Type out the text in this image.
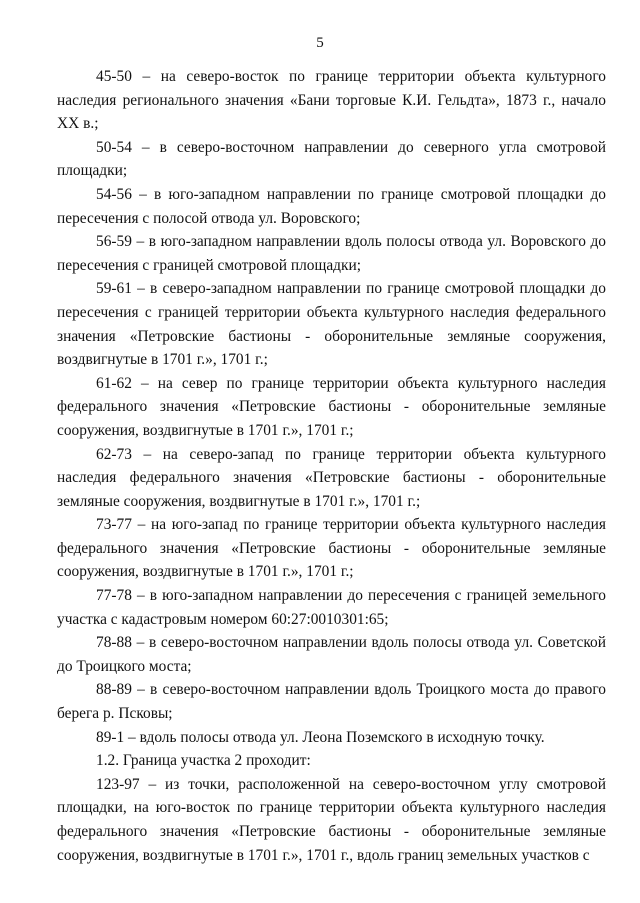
5

45-50 – на северо-восток по границе территории объекта культурного наследия регионального значения «Бани торговые К.И. Гельдта», 1873 г., начало XX в.;

50-54 – в северо-восточном направлении до северного угла смотровой площадки;

54-56 – в юго-западном направлении по границе смотровой площадки до пересечения с полосой отвода ул. Воровского;

56-59 – в юго-западном направлении вдоль полосы отвода ул. Воровского до пересечения с границей смотровой площадки;

59-61 – в северо-западном направлении по границе смотровой площадки до пересечения с границей территории объекта культурного наследия федерального значения «Петровские бастионы - оборонительные земляные сооружения, воздвигнутые в 1701 г.», 1701 г.;

61-62 – на север по границе территории объекта культурного наследия федерального значения «Петровские бастионы - оборонительные земляные сооружения, воздвигнутые в 1701 г.», 1701 г.;

62-73 – на северо-запад по границе территории объекта культурного наследия федерального значения «Петровские бастионы - оборонительные земляные сооружения, воздвигнутые в 1701 г.», 1701 г.;

73-77 – на юго-запад по границе территории объекта культурного наследия федерального значения «Петровские бастионы - оборонительные земляные сооружения, воздвигнутые в 1701 г.», 1701 г.;

77-78 – в юго-западном направлении до пересечения с границей земельного участка с кадастровым номером 60:27:0010301:65;

78-88 – в северо-восточном направлении вдоль полосы отвода ул. Советской до Троицкого моста;

88-89 – в северо-восточном направлении вдоль Троицкого моста до правого берега р. Псковы;

89-1 – вдоль полосы отвода ул. Леона Поземского в исходную точку.

1.2. Граница участка 2 проходит:

123-97 – из точки, расположенной на северо-восточном углу смотровой площадки, на юго-восток по границе территории объекта культурного наследия федерального значения «Петровские бастионы - оборонительные земляные сооружения, воздвигнутые в 1701 г.», 1701 г., вдоль границ земельных участков с
